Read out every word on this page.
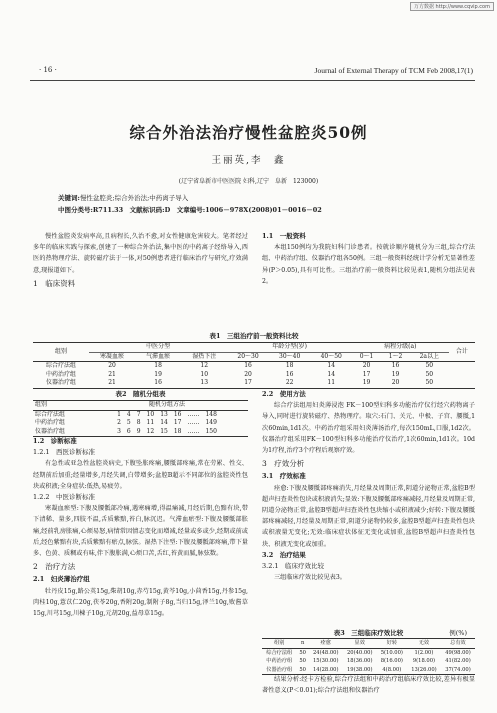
万方数据 http://www.cqvip.com
· 16 ·	Journal of External Therapy of TCM Feb 2008,17(1)
综合外治法治疗慢性盆腔炎50例
王丽英,李　鑫
(辽宁省阜新市中医医院 妇科,辽宁　阜新　123000)
关键词:慢性盆腔炎;综合外治法;中药离子导入
中图分类号:R711.33　文献标识码:D　文章编号:1006－978X(2008)01－0016－02

慢性盆腔炎发病率高,且病程长,久治不愈,对女性健康危害较大。笔者经过多年的临床实践与探索,创建了一种综合外治法,集中医的中药离子经络导入,西医的热物理疗法、旋转磁疗法于一体,对50例患者进行临床治疗与研究,疗效满意,现报道如下。

1　临床资料
1.1　一般资料

本组150例均为我院妇科门诊患者。按就诊顺序随机分为三组,综合疗法组、中药治疗组、仪器治疗组各50例。三组一般资料经统计学分析无显著性差异(P＞0.05),具有可比性。三组治疗前一般资料比较见表1,随机分组法见表2。

表1　三组治疗前一般资料比较
组别	中医分型			年龄分型(岁)			病程分级(a)			合计
	寒凝血瘀	气滞血瘀	湿热下注	20～30	30～40	40～50	0～1	1～2	2a以上	
综合疗法组	20	18	12	16	18	14	20	16	50	
中药治疗组	21	19	10	20	16	14	17	19	50	
仪器治疗组	21	16	13	17	22	11	19	20	50	
表2　随机分组表
组别	随机分组方法
综合疗法组	1　4　7　10　13　16　……　148
中药治疗组	2　5　8　11　14　17　……　149
仪器治疗组	3　6　9　12　15　18　……　150
1.2　诊断标准
1.2.1　西医诊断标准

有急性或亚急性盆腔炎病史,下腹坠胀疼痛,腰骶部疼痛,常在劳累、性交、经期前后加重;经量增多,月经失调,白带增多;盆腔B超示不同部位的盆腔炎性包块或积液;全身症状:低热,易疲劳。

1.2.2　中医诊断标准

寒凝血瘀型:下腹及腰骶部冷痛,遇寒痛增,得温痛减,月经后期,色黯有块,带下清稀、量多,四肢不温,舌质紫黯,苔白,脉沉迟。气滞血瘀型:下腹及腰骶部胀痛,经前乳房胀痛,心烦易怒,病情常因情志变化而增减,经量或多或少,经期或前或后,经色紫黯有块,舌质紫黯有瘀点,脉弦。湿热下注型:下腹及腰骶部疼痛,带下量多、色黄、质稠或有味,伴下腹胀满,心烦口苦,舌红,苔黄而腻,脉弦数。

2　治疗方法
2.1　妇炎薄治疗组

牡丹皮15g,路公英15g,柴胡10g,赤芍15g,黄芩10g,小茴香15g,丹参15g,肉桂10g,薏苡仁20g,茯苓20g,香附20g,制附子8g,当归15g,泽兰10g,败酱草15g,川芎15g,川楝子10g,元胡20g,益母草15g。

2.2　使用方法

综合疗法组用妇炎薄浸泡 FK－100型妇科多功能治疗仪行经穴药物离子导入,同时进行旋转磁疗、热物理疗。取穴:石门、关元、中极、子宫、腰骶,1次60min,1d1次。中药治疗组采用妇炎薄汤治疗,每次150mL,口服,1d2次。仪器治疗组采用FK－100型妇科多功能治疗仪治疗,1次60min,1d1次。10d为1疗程,治疗3个疗程后观察疗效。

3　疗效分析
3.1　疗效标准

痊愈:下腹及腰骶部疼痛消失,月经量及周期正常,阴道分泌物正常,盆腔B型超声扫查炎性包块或积液消失;显效:下腹及腰骶部疼痛减轻,月经量及周期正常,阴道分泌物正常,盆腔B型超声扫查炎性包块缩小或积液减少;好转:下腹及腰骶部疼痛减轻,月经量及周期正常,阴道分泌物仍较多,盆腔B型超声扫查炎性包块或积液量无变化;无效:临床症状体征无变化或加重,盆腔B型超声扫查炎性包块、积液无变化或加重。

3.2　治疗结果
3.2.1　临床疗效比较

三组临床疗效比较见表3。

表3　三组临床疗效比较	例(%)
组别	n	痊愈	显效	好转	无效	总有效
综合疗法组	50	24(48.00)	20(40.00)	5(10.00)	1(2.00)	49(98.00)
中药治疗组	50	15(30.00)	18(36.00)	8(16.00)	9(18.00)	41(82.00)
仪器治疗组	50	14(28.00)	19(38.00)	4(8.00)	13(26.00)	37(74.00)

结果分析:经卡方检验,综合疗法组和中药治疗组临床疗效比较,差异有极显著性意义(P＜0.01);综合疗法组和仪器治疗
